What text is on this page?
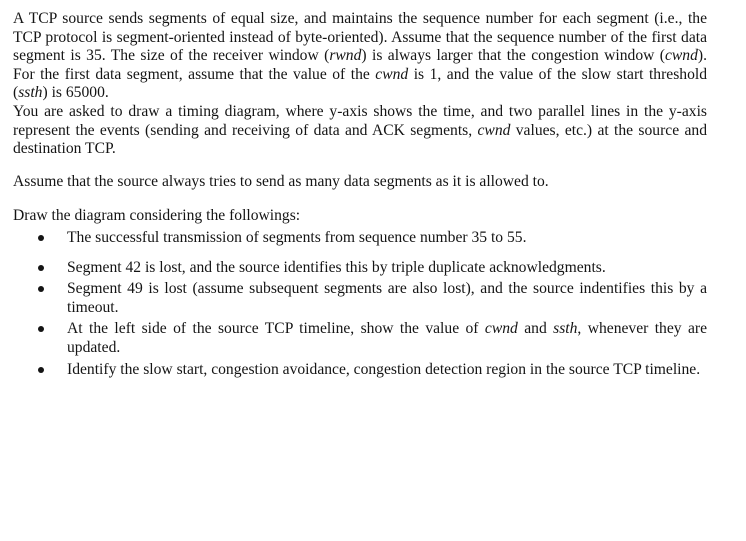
A TCP source sends segments of equal size, and maintains the sequence number for each segment (i.e., the TCP protocol is segment-oriented instead of byte-oriented). Assume that the sequence number of the first data segment is 35. The size of the receiver window (rwnd) is always larger that the congestion window (cwnd). For the first data segment, assume that the value of the cwnd is 1, and the value of the slow start threshold (ssth) is 65000.

You are asked to draw a timing diagram, where y-axis shows the time, and two parallel lines in the y-axis represent the events (sending and receiving of data and ACK segments, cwnd values, etc.) at the source and destination TCP.

Assume that the source always tries to send as many data segments as it is allowed to.

Draw the diagram considering the followings:

The successful transmission of segments from sequence number 35 to 55.
Segment 42 is lost, and the source identifies this by triple duplicate acknowledgments.
Segment 49 is lost (assume subsequent segments are also lost), and the source indentifies this by a timeout.
At the left side of the source TCP timeline, show the value of cwnd and ssth, whenever they are updated.
Identify the slow start, congestion avoidance, congestion detection region in the source TCP timeline.
